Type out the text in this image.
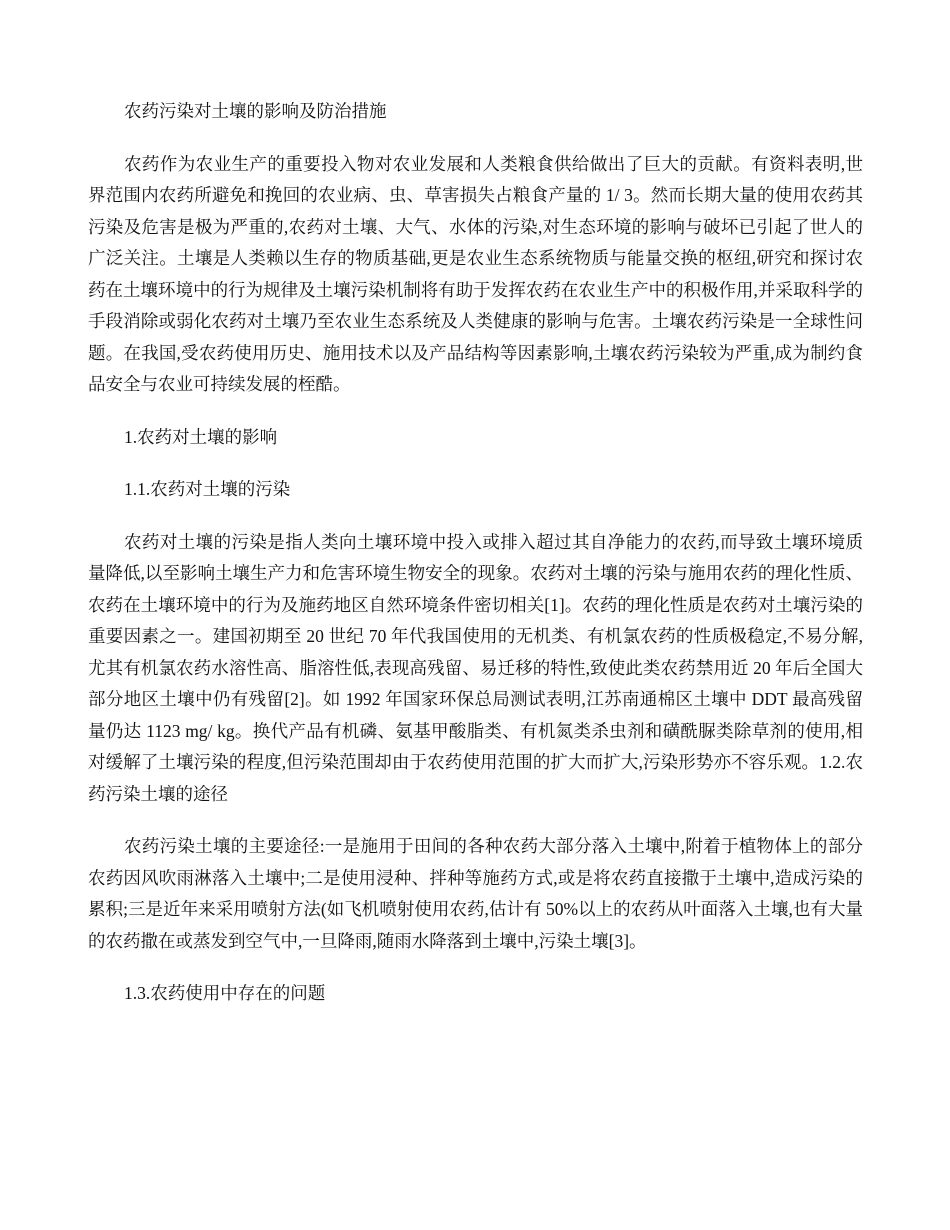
农药污染对土壤的影响及防治措施

农药作为农业生产的重要投入物对农业发展和人类粮食供给做出了巨大的贡献。有资料表明,世界范围内农药所避免和挽回的农业病、虫、草害损失占粮食产量的 1/ 3。然而长期大量的使用农药其污染及危害是极为严重的,农药对土壤、大气、水体的污染,对生态环境的影响与破坏已引起了世人的广泛关注。土壤是人类赖以生存的物质基础,更是农业生态系统物质与能量交换的枢纽,研究和探讨农药在土壤环境中的行为规律及土壤污染机制将有助于发挥农药在农业生产中的积极作用,并采取科学的手段消除或弱化农药对土壤乃至农业生态系统及人类健康的影响与危害。土壤农药污染是一全球性问题。在我国,受农药使用历史、施用技术以及产品结构等因素影响,土壤农药污染较为严重,成为制约食品安全与农业可持续发展的桎酷。

1.农药对土壤的影响

1.1.农药对土壤的污染

农药对土壤的污染是指人类向土壤环境中投入或排入超过其自净能力的农药,而导致土壤环境质量降低,以至影响土壤生产力和危害环境生物安全的现象。农药对土壤的污染与施用农药的理化性质、农药在土壤环境中的行为及施药地区自然环境条件密切相关[1]。农药的理化性质是农药对土壤污染的重要因素之一。建国初期至 20 世纪 70 年代我国使用的无机类、有机氯农药的性质极稳定,不易分解,尤其有机氯农药水溶性高、脂溶性低,表现高残留、易迁移的特性,致使此类农药禁用近 20 年后全国大部分地区土壤中仍有残留[2]。如 1992 年国家环保总局测试表明,江苏南通棉区土壤中 DDT 最高残留量仍达 1123 mg/ kg。换代产品有机磷、氨基甲酸脂类、有机氮类杀虫剂和磺酰脲类除草剂的使用,相对缓解了土壤污染的程度,但污染范围却由于农药使用范围的扩大而扩大,污染形势亦不容乐观。1.2.农药污染土壤的途径

农药污染土壤的主要途径:一是施用于田间的各种农药大部分落入土壤中,附着于植物体上的部分农药因风吹雨淋落入土壤中;二是使用浸种、拌种等施药方式,或是将农药直接撒于土壤中,造成污染的累积;三是近年来采用喷射方法(如飞机喷射使用农药,估计有 50%以上的农药从叶面落入土壤,也有大量的农药撒在或蒸发到空气中,一旦降雨,随雨水降落到土壤中,污染土壤[3]。

1.3.农药使用中存在的问题
